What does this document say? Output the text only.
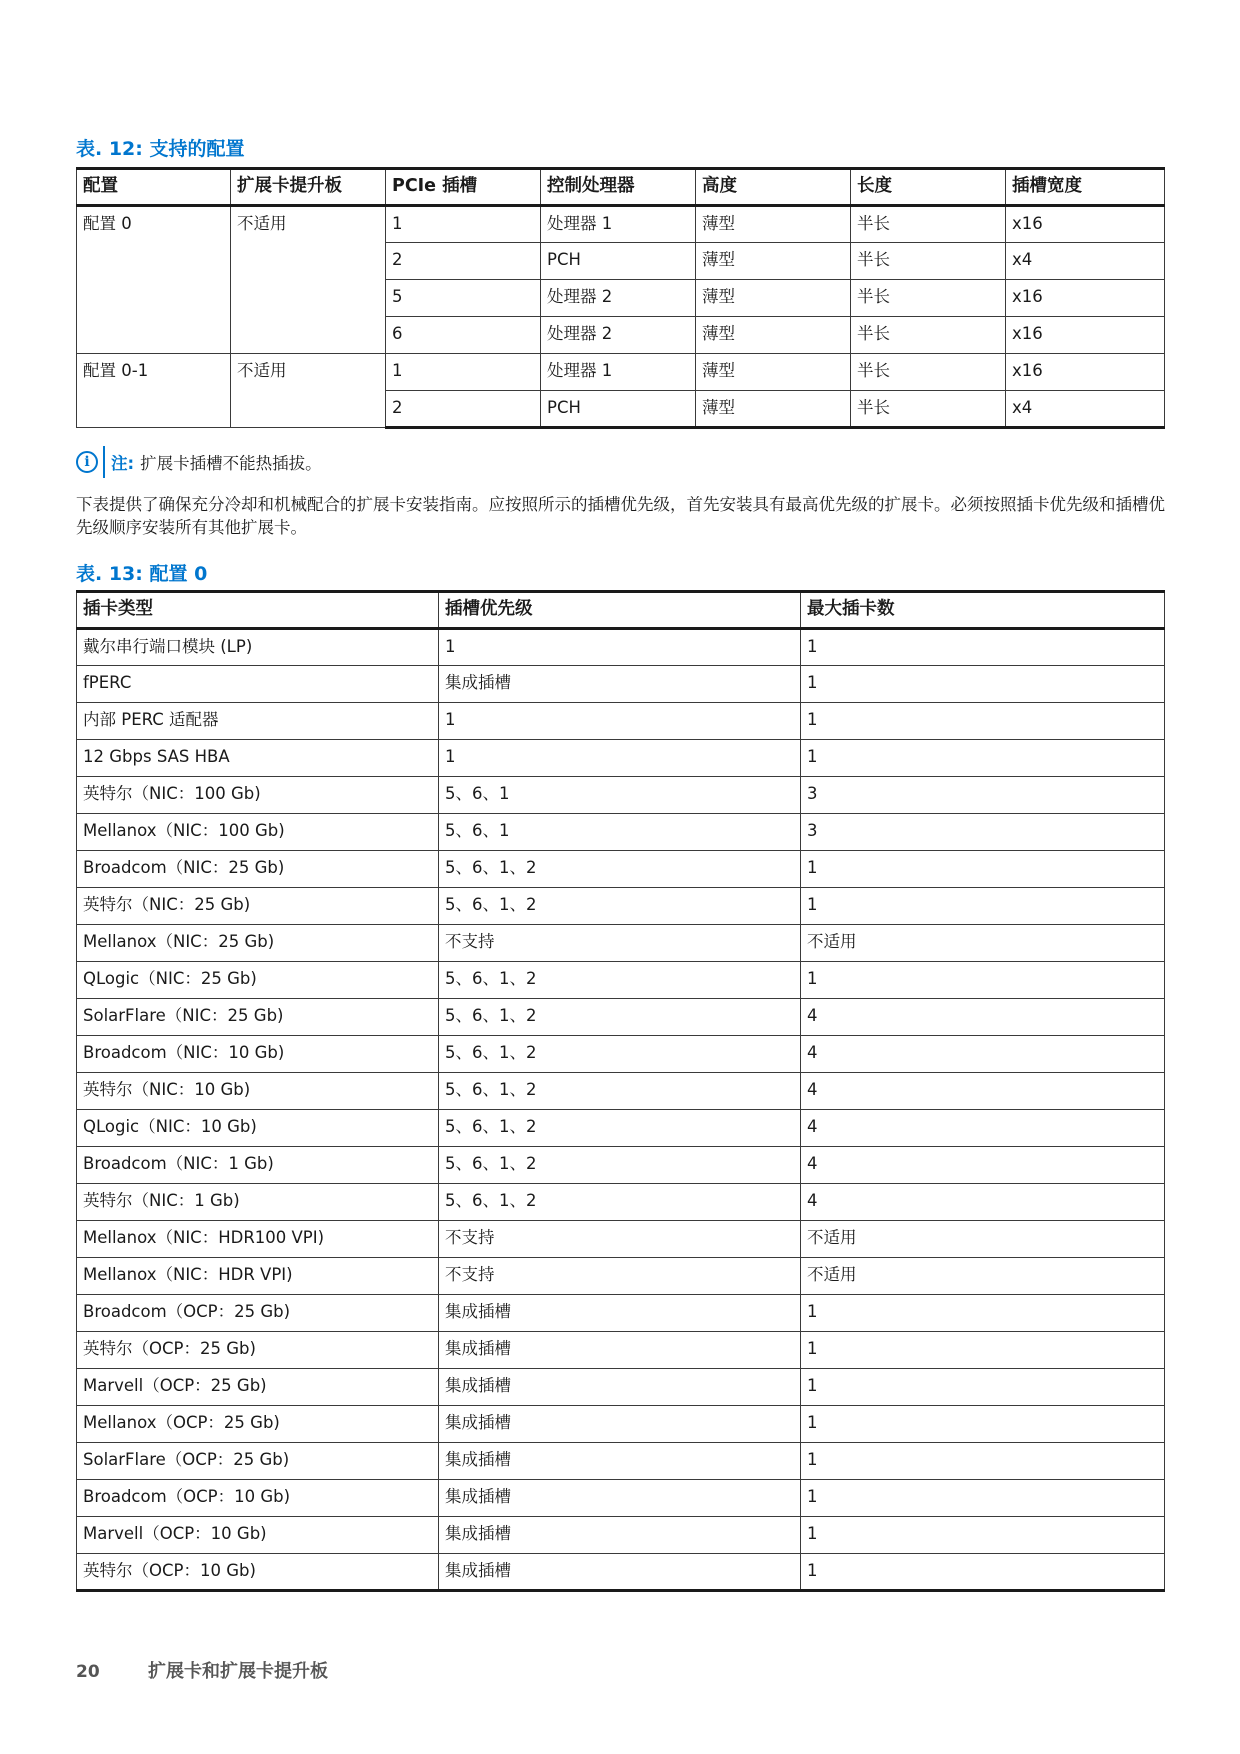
表. 12: 支持的配置
配置	扩展卡提升板	PCIe 插槽	控制处理器	高度	长度	插槽宽度
配置 0	不适用	1	处理器 1	薄型	半长	x16
		2	PCH	薄型	半长	x4
		5	处理器 2	薄型	半长	x16
		6	处理器 2	薄型	半长	x16
配置 0-1	不适用	1	处理器 1	薄型	半长	x16
		2	PCH	薄型	半长	x4
i	注: 扩展卡插槽不能热插拔。

下表提供了确保充分冷却和机械配合的扩展卡安装指南。应按照所示的插槽优先级，首先安装具有最高优先级的扩展卡。必须按照插卡优先级和插槽优先级顺序安装所有其他扩展卡。

表. 13: 配置 0
插卡类型	插槽优先级	最大插卡数
戴尔串行端口模块 (LP)	1	1
fPERC	集成插槽	1
内部 PERC 适配器	1	1
12 Gbps SAS HBA	1	1
英特尔（NIC：100 Gb)	5、6、1	3
Mellanox（NIC：100 Gb)	5、6、1	3
Broadcom（NIC：25 Gb)	5、6、1、2	1
英特尔（NIC：25 Gb)	5、6、1、2	1
Mellanox（NIC：25 Gb)	不支持	不适用
QLogic（NIC：25 Gb)	5、6、1、2	1
SolarFlare（NIC：25 Gb)	5、6、1、2	4
Broadcom（NIC：10 Gb)	5、6、1、2	4
英特尔（NIC：10 Gb)	5、6、1、2	4
QLogic（NIC：10 Gb)	5、6、1、2	4
Broadcom（NIC：1 Gb)	5、6、1、2	4
英特尔（NIC：1 Gb)	5、6、1、2	4
Mellanox（NIC：HDR100 VPI)	不支持	不适用
Mellanox（NIC：HDR VPI)	不支持	不适用
Broadcom（OCP：25 Gb)	集成插槽	1
英特尔（OCP：25 Gb)	集成插槽	1
Marvell（OCP：25 Gb)	集成插槽	1
Mellanox（OCP：25 Gb)	集成插槽	1
SolarFlare（OCP：25 Gb)	集成插槽	1
Broadcom（OCP：10 Gb)	集成插槽	1
Marvell（OCP：10 Gb)	集成插槽	1
英特尔（OCP：10 Gb)	集成插槽	1
20	扩展卡和扩展卡提升板
